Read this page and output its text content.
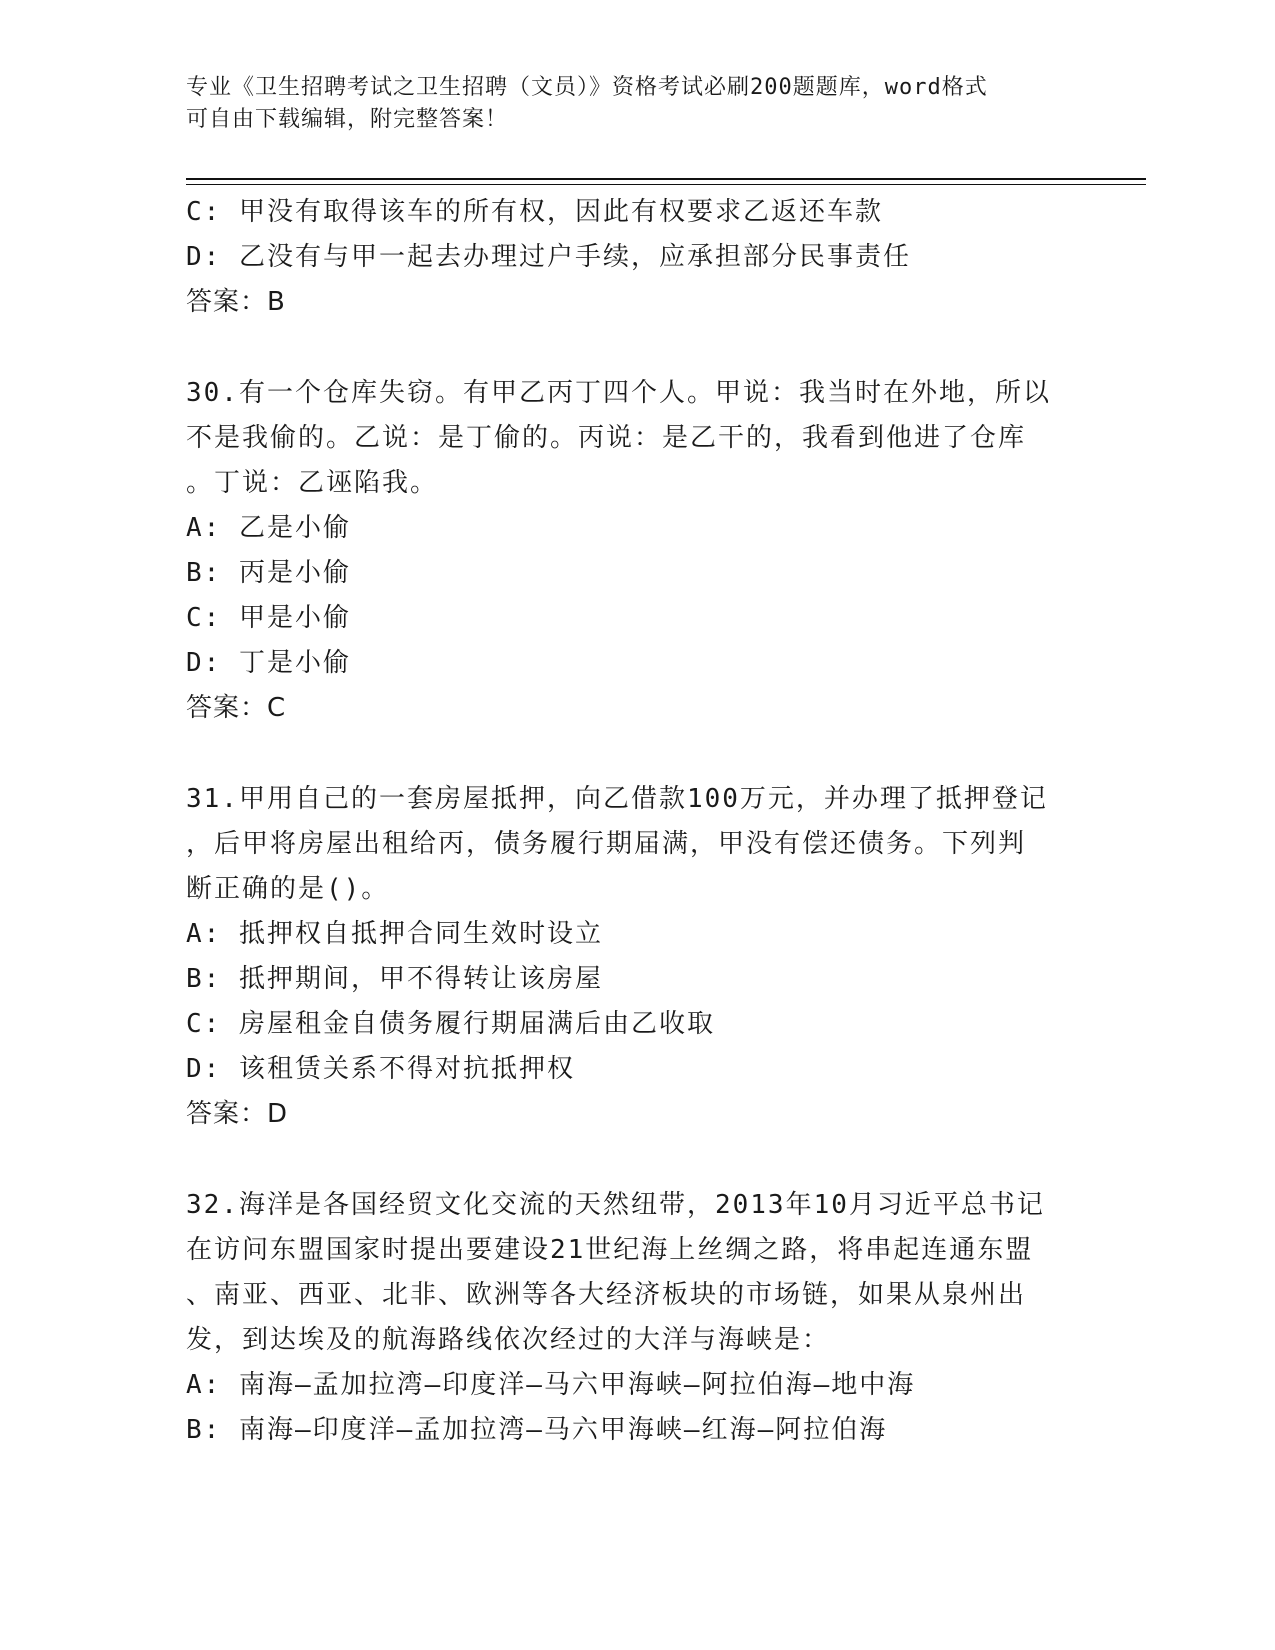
专业《卫生招聘考试之卫生招聘（文员）》资格考试必刷200题题库，word格式
可自由下载编辑，附完整答案！
C: 甲没有取得该车的所有权，因此有权要求乙返还车款
D: 乙没有与甲一起去办理过户手续，应承担部分民事责任
答案：B
30.有一个仓库失窃。有甲乙丙丁四个人。甲说：我当时在外地，所以
不是我偷的。乙说：是丁偷的。丙说：是乙干的，我看到他进了仓库
。丁说：乙诬陷我。
A: 乙是小偷
B: 丙是小偷
C: 甲是小偷
D: 丁是小偷
答案：C
31.甲用自己的一套房屋抵押，向乙借款100万元，并办理了抵押登记
，后甲将房屋出租给丙，债务履行期届满，甲没有偿还债务。下列判
断正确的是()。
A: 抵押权自抵押合同生效时设立
B: 抵押期间，甲不得转让该房屋
C: 房屋租金自债务履行期届满后由乙收取
D: 该租赁关系不得对抗抵押权
答案：D
32.海洋是各国经贸文化交流的天然纽带，2013年10月习近平总书记
在访问东盟国家时提出要建设21世纪海上丝绸之路，将串起连通东盟
、南亚、西亚、北非、欧洲等各大经济板块的市场链，如果从泉州出
发，到达埃及的航海路线依次经过的大洋与海峡是：
A: 南海—孟加拉湾—印度洋—马六甲海峡—阿拉伯海—地中海
B: 南海—印度洋—孟加拉湾—马六甲海峡—红海—阿拉伯海
